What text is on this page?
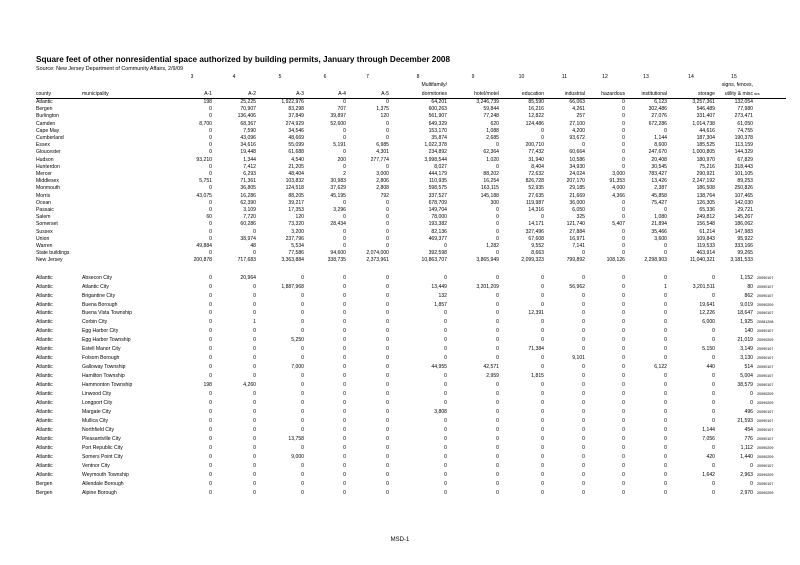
Square feet of other nonresidential space authorized by building permits, January through December 2008
Source: New Jersey Department of Community Affairs, 2/9/09
		3	4	5	6	7	8	9	10	11	12	13	14	15	
							Multifamily/							signs, fences,	
county	municipality	A-1	A-2	A-3	A-4	A-5	dormitories	hotel/motel	education	industrial	hazardous	institutional	storage	utility & misc	dcs
Atlantic		198	25,225	1,922,976	0	0	64,201	3,246,739	85,590	66,063	0	6,123	3,257,361	132,054	
Bergen		0	70,907	83,298	707	1,375	600,263	59,844	16,216	4,261	0	302,486	546,489	77,980	
Burlington		0	136,406	37,849	39,897	120	561,907	77,248	12,822	257	0	27,076	331,407	273,471	
Camden		8,700	68,367	274,929	52,600	0	649,329	620	124,486	27,100	0	672,286	1,014,738	61,050	
Cape May		0	7,590	34,546	0	0	153,170	1,088	0	4,200	0	0	44,616	74,755	
Cumberland		0	43,096	48,669	0	0	35,874	2,685	0	93,672	0	1,144	187,304	190,378	
Essex		0	34,616	55,099	5,191	6,985	1,022,378	0	200,710	0	0	8,600	185,525	113,159	
Gloucester		0	19,448	61,688	0	4,301	234,892	62,364	77,432	60,664	0	247,670	1,000,805	144,329	
Hudson		93,210	1,344	4,540	200	277,774	3,998,544	1,020	31,940	10,586	0	20,408	180,970	67,829	
Hunterdon		0	7,412	21,205	0	0	8,027	0	8,404	34,930	0	30,545	75,216	318,443	
Mercer		0	6,293	48,404	2	3,000	444,179	88,202	72,632	24,024	3,000	783,427	290,921	101,105	
Middlesex		5,751	71,361	103,832	30,983	2,806	110,935	16,254	826,728	207,170	91,353	13,426	2,247,192	89,253	
Monmouth		0	36,805	124,518	37,629	2,808	598,575	163,115	52,935	29,185	4,000	2,387	186,508	250,826	
Morris		43,075	16,286	88,205	45,195	792	337,527	145,188	27,635	21,669	4,366	45,858	138,764	107,465	
Ocean		0	62,390	39,217	0	0	678,709	300	119,987	36,000	0	75,427	126,305	142,030	
Passaic		0	3,109	17,353	3,296	0	149,704	0	14,316	6,050	0	0	65,336	29,721	
Salem		60	7,720	120	0	0	78,000	0	0	325	0	1,080	249,812	145,267	
Somerset		0	60,286	73,320	28,434	0	193,382	0	14,171	121,740	5,407	21,894	156,548	186,062	
Sussex		0	0	3,200	0	0	82,136	0	327,496	27,884	0	35,466	61,214	147,983	
Union		0	38,974	237,796	0	0	469,377	0	67,608	16,971	0	3,600	109,843	95,922	
Warren		49,884	48	5,534	0	0	0	1,282	9,552	7,141	0	0	119,533	333,166	
State buildings		0	0	77,586	94,600	2,074,000	392,598	0	8,663	0	0	0	463,914	99,265	
New Jersey		200,878	717,683	3,363,884	338,735	2,373,961	10,863,707	3,865,949	2,099,323	799,892	108,126	2,298,903	11,040,321	3,181,533	

Atlantic	Absecon City	0	20,964	0	0	0	0	0	0	0	0	0	0	1,152	20090107
Atlantic	Atlantic City	0	0	1,887,968	0	0	13,449	3,201,209	0	56,962	0	1	3,201,511	80	20090107
Atlantic	Brigantine City	0	0	0	0	0	132	0	0	0	0	0	0	862	20090107
Atlantic	Buena Borough	0	0	0	0	0	1,857	0	0	0	0	0	19,641	9,019	20090209
Atlantic	Buena Vista Township	0	0	0	0	0	0	0	12,391	0	0	0	12,226	18,647	20090107
Atlantic	Corbin City	0	1	0	0	0	0	0	0	0	0	0	6,000	1,925	20081208
Atlantic	Egg Harbor City	0	0	0	0	0	0	0	0	0	0	0	0	140	20090107
Atlantic	Egg Harbor Township	0	0	5,250	0	0	0	0	0	0	0	0	0	21,019	20090209
Atlantic	Estell Manor City	0	0	0	0	0	0	0	71,384	0	0	0	5,150	3,149	20090107
Atlantic	Folsom Borough	0	0	0	0	0	0	0	0	9,101	0	0	0	3,130	20090107
Atlantic	Galloway Township	0	0	7,000	0	0	44,955	42,571	0	0	0	6,122	440	514	20090107
Atlantic	Hamilton Township	0	0	0	0	0	0	2,959	1,815	0	0	0	0	5,004	20090107
Atlantic	Hammonton Township	198	4,260	0	0	0	0	0	0	0	0	0	0	38,579	20090107
Atlantic	Linwood City	0	0	0	0	0	0	0	0	0	0	0	0	0	20090209
Atlantic	Longport City	0	0	0	0	0	0	0	0	0	0	0	0	0	20090209
Atlantic	Margate City	0	0	0	0	0	3,808	0	0	0	0	0	0	496	20090107
Atlantic	Mullica City	0	0	0	0	0	0	0	0	0	0	0	0	21,593	20090107
Atlantic	Northfield City	0	0	0	0	0	0	0	0	0	0	0	1,144	454	20090107
Atlantic	Pleasantville City	0	0	13,758	0	0	0	0	0	0	0	0	7,056	776	20090107
Atlantic	Port Republic City	0	0	0	0	0	0	0	0	0	0	0	0	1,112	20090209
Atlantic	Somers Point City	0	0	9,000	0	0	0	0	0	0	0	0	420	1,440	20090209
Atlantic	Ventnor City	0	0	0	0	0	0	0	0	0	0	0	0	0	20090107
Atlantic	Weymouth Township	0	0	0	0	0	0	0	0	0	0	0	1,642	2,963	20090209
Bergen	Allendale Borough	0	0	0	0	0	0	0	0	0	0	0	0	0	20090107
Bergen	Alpine Borough	0	0	0	0	0	0	0	0	0	0	0	0	2,970	20090209
MSD-1
